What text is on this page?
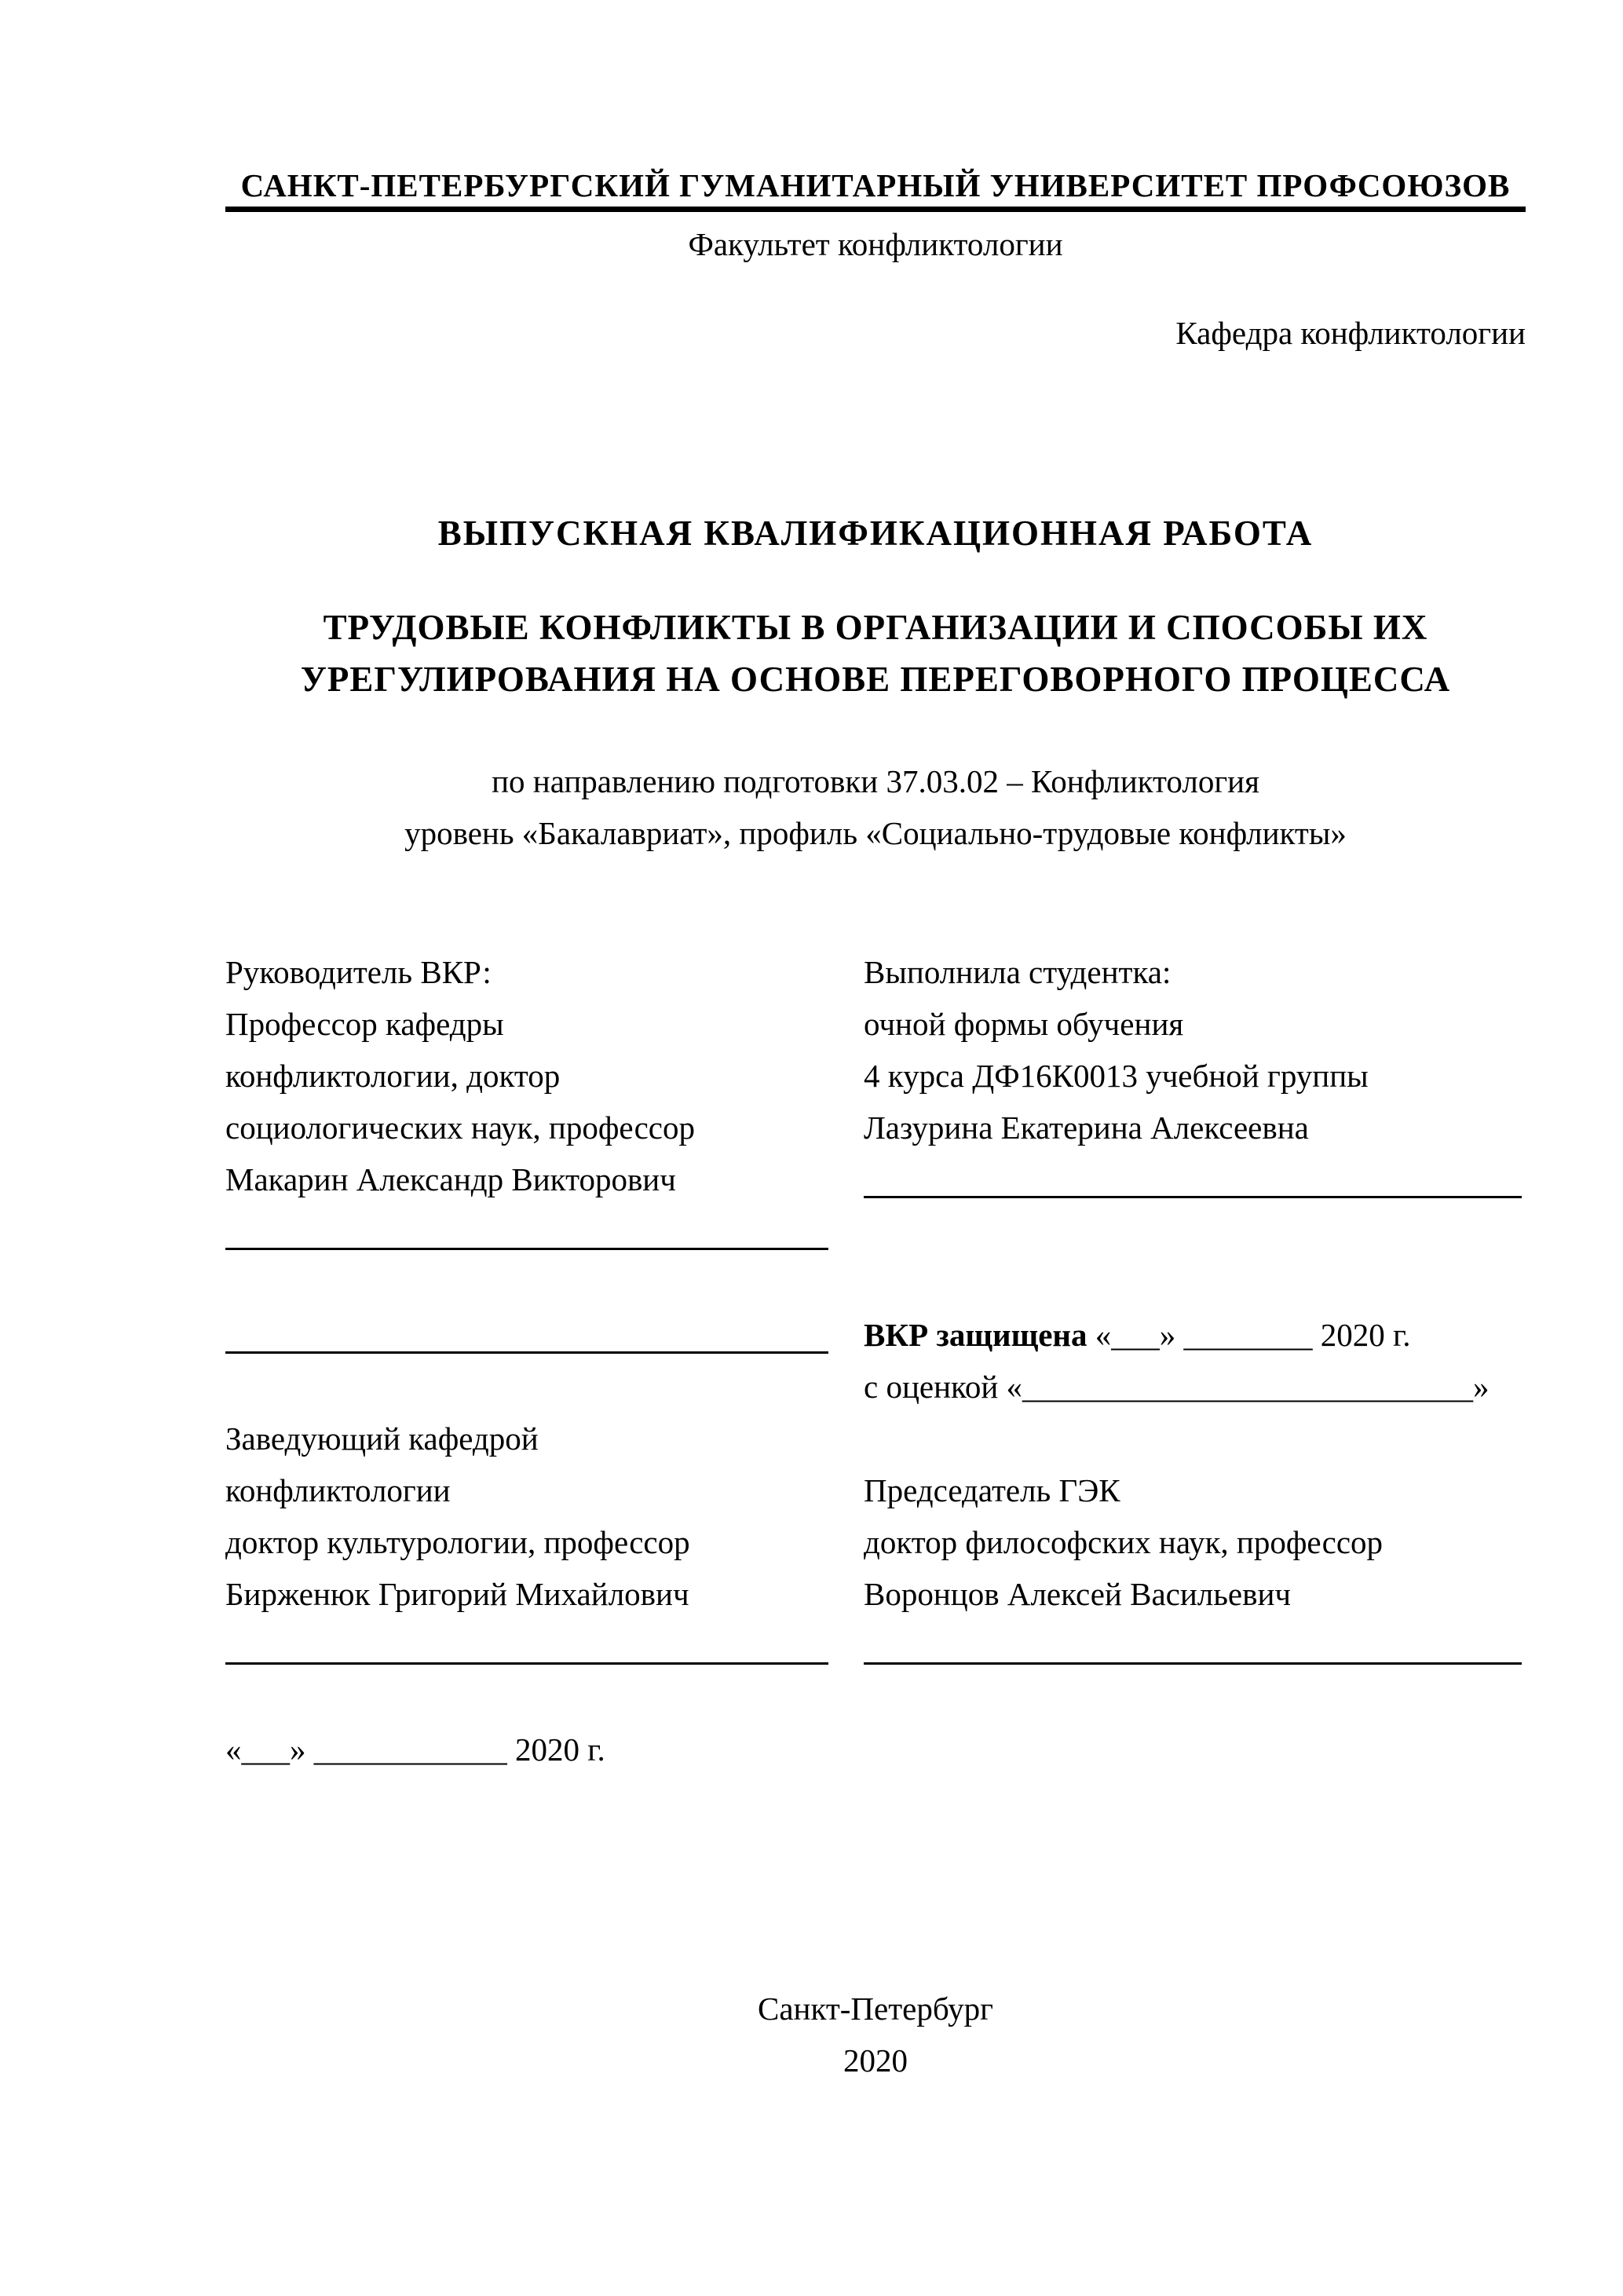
САНКТ-ПЕТЕРБУРГСКИЙ ГУМАНИТАРНЫЙ УНИВЕРСИТЕТ ПРОФСОЮЗОВ
Факультет конфликтологии
Кафедра конфликтологии
ВЫПУСКНАЯ КВАЛИФИКАЦИОННАЯ РАБОТА
ТРУДОВЫЕ КОНФЛИКТЫ В ОРГАНИЗАЦИИ И СПОСОБЫ ИХ
УРЕГУЛИРОВАНИЯ НА ОСНОВЕ ПЕРЕГОВОРНОГО ПРОЦЕССА
по направлению подготовки 37.03.02 – Конфликтология
уровень «Бакалавриат», профиль «Социально-трудовые конфликты»
Руководитель ВКР:
Профессор кафедры
конфликтологии, доктор
социологических наук, профессор
Макарин Александр Викторович

Заведующий кафедрой
конфликтологии
доктор культурологии, профессор
Бирженюк Григорий Михайлович

«___» ____________ 2020 г.
Выполнила студентка:
очной формы обучения
4 курса ДФ16К0013 учебной группы
Лазурина Екатерина Алексеевна

ВКР защищена «___» ________ 2020 г.
с оценкой «____________________________»

Председатель ГЭК
доктор философских наук, профессор
Воронцов Алексей Васильевич
Санкт-Петербург
2020
